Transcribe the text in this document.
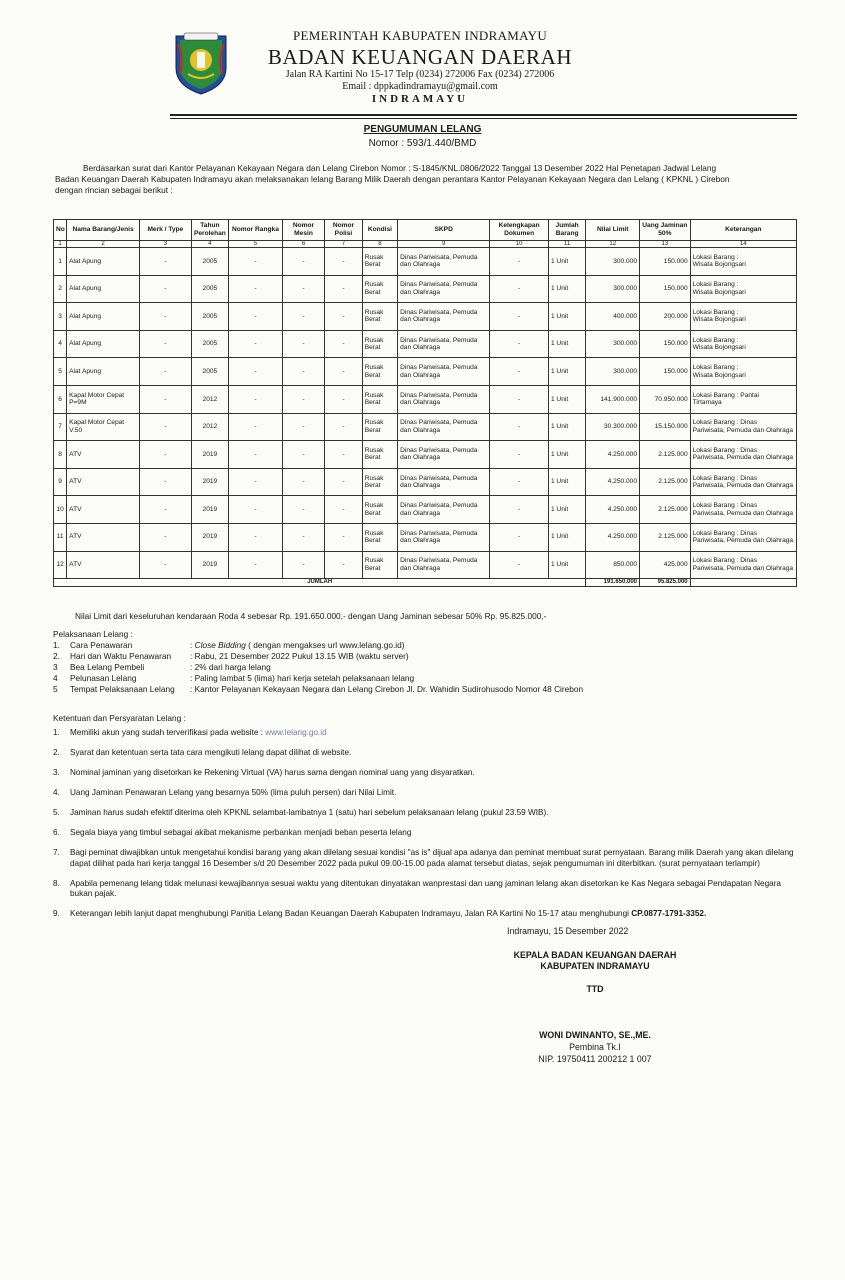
PEMERINTAH KABUPATEN INDRAMAYU
BADAN KEUANGAN DAERAH
Jalan RA Kartini No 15-17 Telp (0234) 272006 Fax (0234) 272006
Email : dppkadindramayu@gmail.com
INDRAMAYU
PENGUMUMAN LELANG
Nomor : 593/1.440/BMD
Berdasarkan surat dari Kantor Pelayanan Kekayaan Negara dan Lelang Cirebon Nomor : S-1845/KNL.0806/2022 Tanggal 13 Desember 2022 Hal Penetapan Jadwal Lelang
Badan Keuangan Daerah Kabupaten Indramayu akan melaksanakan lelang Barang Milik Daerah dengan perantara Kantor Pelayanan Kekayaan Negara dan Lelang ( KPKNL ) Cirebon
dengan rincian sebagai berikut :
No	Nama Barang/Jenis	Merk / Type	Tahun Perolehan	Nomor Rangka	Nomor Mesin	Nomor Polisi	Kondisi	SKPD	Kelengkapan Dokumen	Jumlah Barang	Nilai Limit	Uang Jaminan 50%	Keterangan
1	2	3	4	5	6	7	8	9	10	11	12	13	14
1	Alat Apung	-	2005	-	-	-	Rusak Berat	Dinas Pariwisata, Pemuda dan Olahraga	-	1 Unit	300.000	150.000	Lokasi Barang :
Wisata Bojongsari

2	Alat Apung	-	2005	-	-	-	Rusak Berat	Dinas Pariwisata, Pemuda dan Olahraga	-	1 Unit	300.000	150.000	Lokasi Barang :
Wisata Bojongsari

3	Alat Apung	-	2005	-	-	-	Rusak Berat	Dinas Pariwisata, Pemuda dan Olahraga	-	1 Unit	400.000	200.000	Lokasi Barang :
Wisata Bojongsari

4	Alat Apung	-	2005	-	-	-	Rusak Berat	Dinas Pariwisata, Pemuda dan Olahraga	-	1 Unit	300.000	150.000	Lokasi Barang :
Wisata Bojongsari

5	Alat Apung	-	2005	-	-	-	Rusak Berat	Dinas Pariwisata, Pemuda dan Olahraga	-	1 Unit	300.000	150.000	Lokasi Barang :
Wisata Bojongsari

6	Kapal Motor Cepat P=9M	-	2012	-	-	-	Rusak Berat	Dinas Pariwisata, Pemuda dan Olahraga	-	1 Unit	141.900.000	70.950.000	Lokasi Barang : Pantai
Tirtamaya

7	Kapal Motor Cepat V.50	-	2012	-	-	-	Rusak Berat	Dinas Pariwisata, Pemuda dan Olahraga	-	1 Unit	30.300.000	15.150.000	Lokasi Barang : Dinas
Pariwisata, Pemuda dan Olahraga

8	ATV	-	2019	-	-	-	Rusak Berat	Dinas Pariwisata, Pemuda dan Olahraga	-	1 Unit	4.250.000	2.125.000	Lokasi Barang : Dinas
Pariwisata, Pemuda dan Olahraga

9	ATV	-	2019	-	-	-	Rusak Berat	Dinas Pariwisata, Pemuda dan Olahraga	-	1 Unit	4.250.000	2.125.000	Lokasi Barang : Dinas
Pariwisata, Pemuda dan Olahraga

10	ATV	-	2019	-	-	-	Rusak Berat	Dinas Pariwisata, Pemuda dan Olahraga	-	1 Unit	4.250.000	2.125.000	Lokasi Barang : Dinas
Pariwisata, Pemuda dan Olahraga

11	ATV	-	2019	-	-	-	Rusak Berat	Dinas Pariwisata, Pemuda dan Olahraga	-	1 Unit	4.250.000	2.125.000	Lokasi Barang : Dinas
Pariwisata, Pemuda dan Olahraga

12	ATV	-	2019	-	-	-	Rusak Berat	Dinas Pariwisata, Pemuda dan Olahraga	-	1 Unit	850.000	425.000	Lokasi Barang : Dinas
Pariwisata, Pemuda dan Olahraga

JUMLAH											191.650.000	95.825.000	
Nilai Limit dari keseluruhan kendaraan Roda 4 sebesar Rp. 191.650.000,- dengan Uang Jaminan sebesar 50% Rp. 95.825.000,-
Pelaksanaan Lelang :
1.	Cara Penawaran	: Close Bidding ( dengan mengakses url www.lelang.go.id)
2.	Hari dan Waktu Penawaran	: Rabu, 21 Desember 2022 Pukul 13.15 WIB (waktu server)
3	Bea Lelang Pembeli	: 2% dari harga lelang
4	Pelunasan Lelang	: Paling lambat 5 (lima) hari kerja setelah pelaksanaan lelang
5	Tempat Pelaksanaan Lelang	: Kantor Pelayanan Kekayaan Negara dan Lelang Cirebon Jl. Dr. Wahidin Sudirohusodo Nomor 48 Cirebon
Ketentuan dan Persyaratan Lelang :
1.	Memiliki akun yang sudah terverifikasi pada website : www.lelang.go.id
2.	Syarat dan ketentuan serta tata cara mengikuti lelang dapat dilihat di website.
3.	Nominal jaminan yang disetorkan ke Rekening Virtual (VA) harus sama dengan nominal uang yang disyaratkan.
4.	Uang Jaminan Penawaran Lelang yang besarnya 50% (lima puluh persen) dari Nilai Limit.
5.	Jaminan harus sudah efektif diterima oleh KPKNL selambat-lambatnya 1 (satu) hari sebelum pelaksanaan lelang (pukul 23.59 WIB).
6.	Segala biaya yang timbul sebagai akibat mekanisme perbankan menjadi beban peserta lelang
7.	Bagi peminat diwajibkan untuk mengetahui kondisi barang yang akan dilelang sesuai kondisi "as is" dijual apa adanya dan peminat membuat surat pernyataan. Barang milik Daerah yang akan dilelang dapat dilihat pada hari kerja tanggal 16 Desember s/d 20 Desember 2022 pada pukul 09.00-15.00 pada alamat tersebut diatas, sejak pengumuman ini diterbitkan. (surat pernyataan terlampir)
8.	Apabila pemenang lelang tidak melunasi kewajibannya sesuai waktu yang ditentukan dinyatakan wanprestasi dan uang jaminan lelang akan disetorkan ke Kas Negara sebagai Pendapatan Negara bukan pajak.
9.	Keterangan lebih lanjut dapat menghubungi Panitia Lelang Badan Keuangan Daerah Kabupaten Indramayu, Jalan RA Kartini No 15-17 atau menghubungi CP.0877-1791-3352.
Indramayu, 15 Desember 2022
KEPALA BADAN KEUANGAN DAERAH
KABUPATEN INDRAMAYU
TTD
WONI DWINANTO, SE.,ME.
Pembina Tk.I
NIP. 19750411 200212 1 007
